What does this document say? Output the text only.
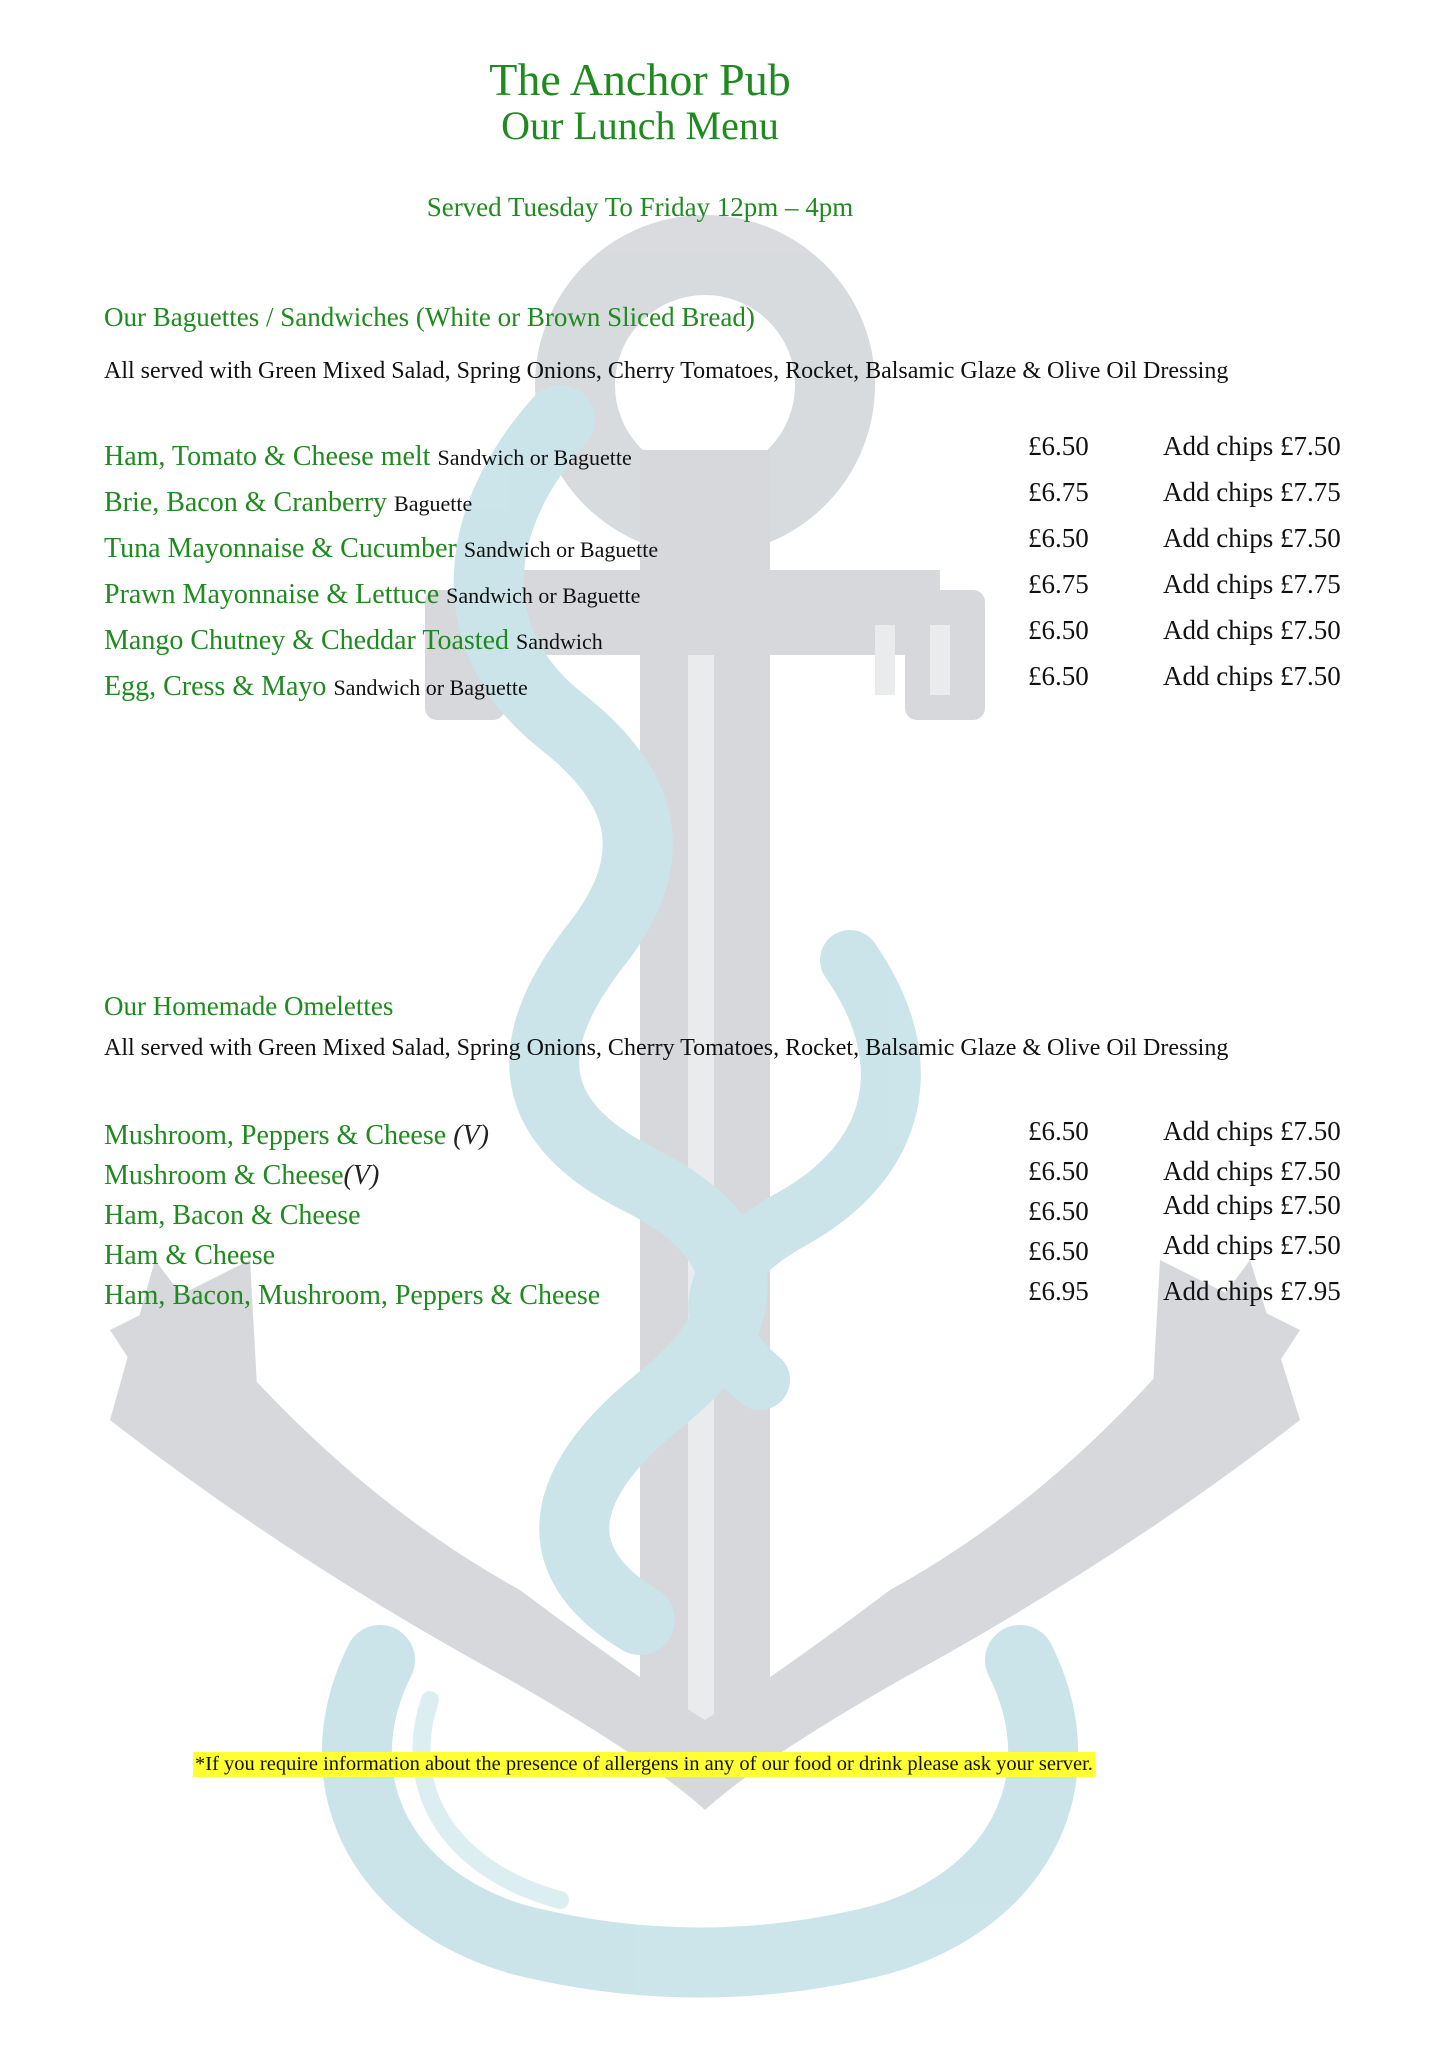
The Anchor Pub
Our Lunch Menu
Served Tuesday To Friday 12pm – 4pm
Our Baguettes / Sandwiches (White or Brown Sliced Bread)
All served with Green Mixed Salad, Spring Onions, Cherry Tomatoes, Rocket, Balsamic Glaze & Olive Oil Dressing
Ham, Tomato & Cheese melt Sandwich or Baguette	£6.50	Add chips £7.50
Brie, Bacon & Cranberry Baguette	£6.75	Add chips £7.75
Tuna Mayonnaise & Cucumber Sandwich or Baguette	£6.50	Add chips £7.50
Prawn Mayonnaise & Lettuce Sandwich or Baguette	£6.75	Add chips £7.75
Mango Chutney & Cheddar Toasted Sandwich	£6.50	Add chips £7.50
Egg, Cress & Mayo Sandwich or Baguette	£6.50	Add chips £7.50
Our Homemade Omelettes
All served with Green Mixed Salad, Spring Onions, Cherry Tomatoes, Rocket, Balsamic Glaze & Olive Oil Dressing
Mushroom, Peppers & Cheese (V)	£6.50	Add chips £7.50
Mushroom & Cheese(V)	£6.50	Add chips £7.50
Ham, Bacon & Cheese	£6.50	Add chips £7.50
Ham & Cheese	£6.50	Add chips £7.50
Ham, Bacon, Mushroom, Peppers & Cheese	£6.95	Add chips £7.95
*If you require information about the presence of allergens in any of our food or drink please ask your server.
